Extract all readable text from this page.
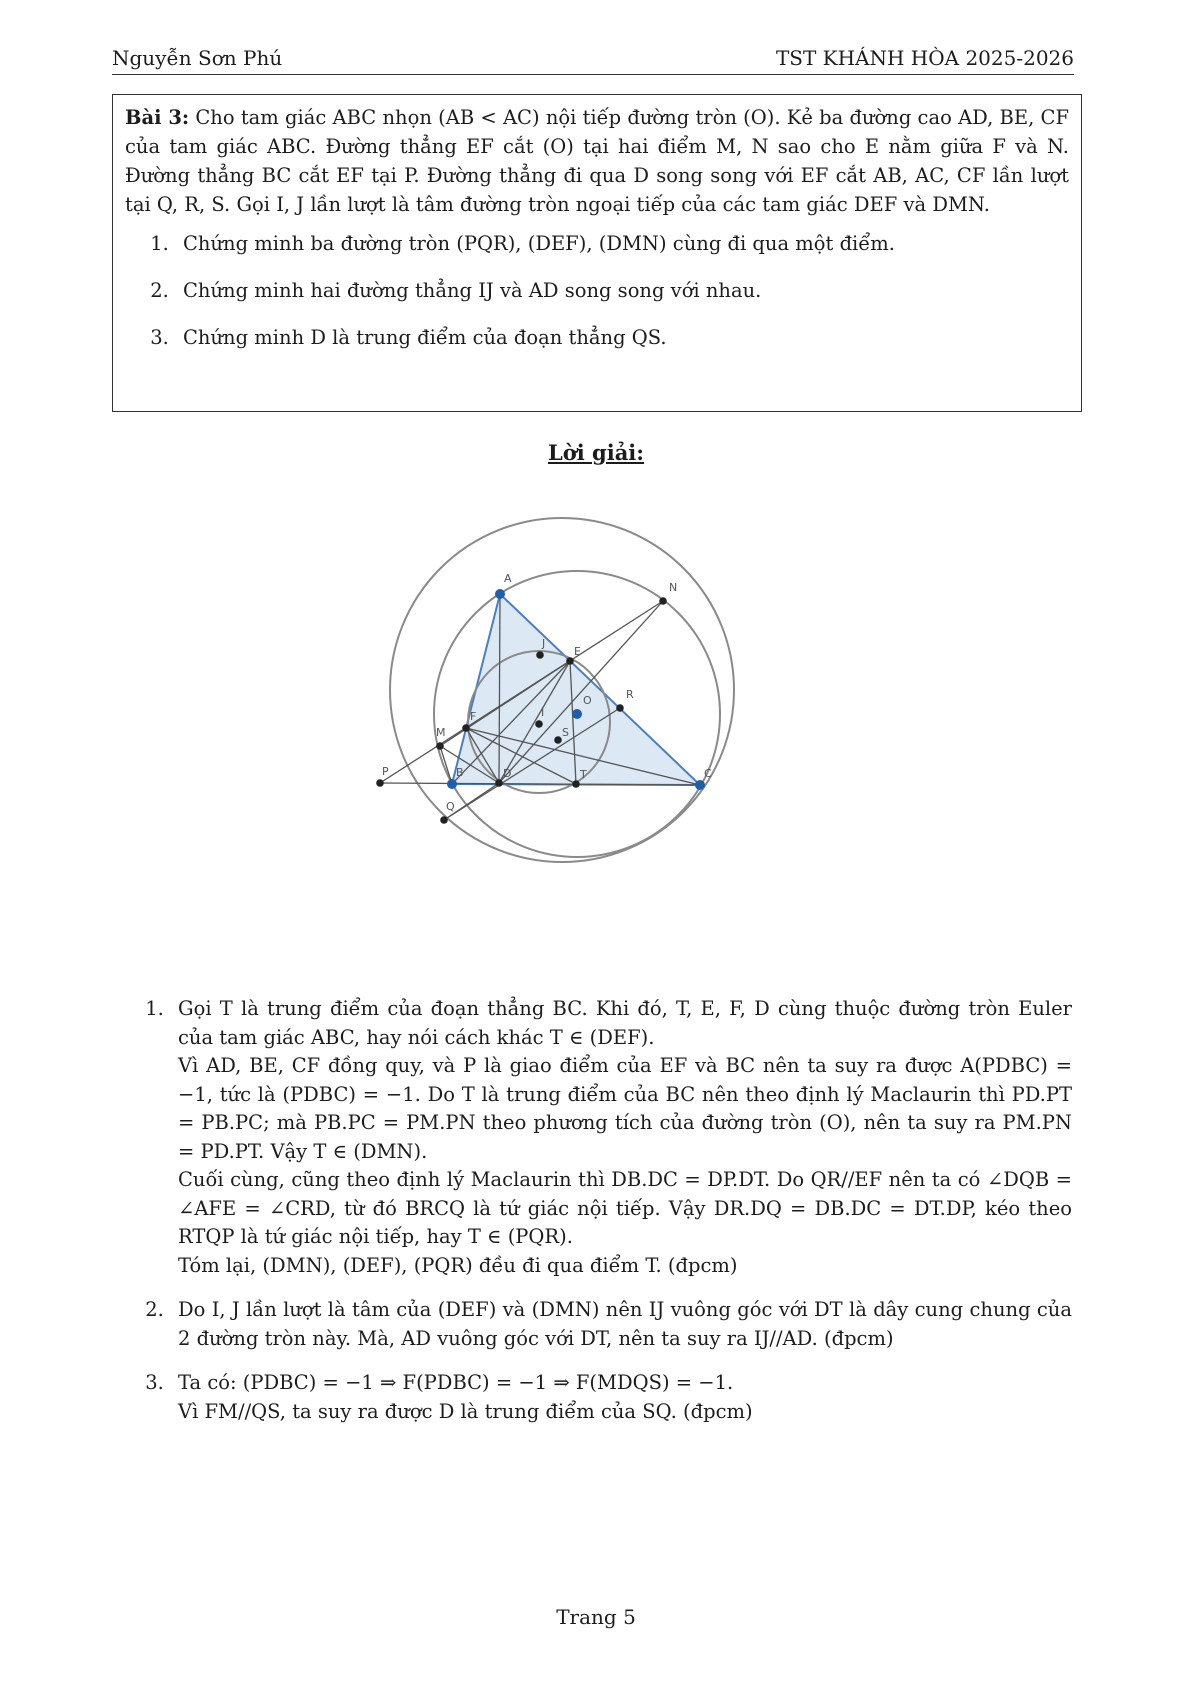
Nguyễn Sơn Phú	TST KHÁNH HÒA 2025-2026

Bài 3: Cho tam giác ABC nhọn (AB < AC) nội tiếp đường tròn (O). Kẻ ba đường cao AD, BE, CF của tam giác ABC. Đường thẳng EF cắt (O) tại hai điểm M, N sao cho E nằm giữa F và N. Đường thẳng BC cắt EF tại P. Đường thẳng đi qua D song song với EF cắt AB, AC, CF lần lượt tại Q, R, S. Gọi I, J lần lượt là tâm đường tròn ngoại tiếp của các tam giác DEF và DMN.

1. Chứng minh ba đường tròn (PQR), (DEF), (DMN) cùng đi qua một điểm.
2. Chứng minh hai đường thẳng IJ và AD song song với nhau.
3. Chứng minh D là trung điểm của đoạn thẳng QS.
Lời giải:
A
B	C
D
E
F
M
N
P
Q
R
S
T
I
J
O

1. Gọi T là trung điểm của đoạn thẳng BC. Khi đó, T, E, F, D cùng thuộc đường tròn Euler của tam giác ABC, hay nói cách khác T ∈ (DEF).

Vì AD, BE, CF đồng quy, và P là giao điểm của EF và BC nên ta suy ra được A(PDBC) = −1, tức là (PDBC) = −1. Do T là trung điểm của BC nên theo định lý Maclaurin thì PD.PT = PB.PC; mà PB.PC = PM.PN theo phương tích của đường tròn (O), nên ta suy ra PM.PN = PD.PT. Vậy T ∈ (DMN).

Cuối cùng, cũng theo định lý Maclaurin thì DB.DC = DP.DT. Do QR//EF nên ta có ∠DQB = ∠AFE = ∠CRD, từ đó BRCQ là tứ giác nội tiếp. Vậy DR.DQ = DB.DC = DT.DP, kéo theo RTQP là tứ giác nội tiếp, hay T ∈ (PQR).

Tóm lại, (DMN), (DEF), (PQR) đều đi qua điểm T. (đpcm)

2. Do I, J lần lượt là tâm của (DEF) và (DMN) nên IJ vuông góc với DT là dây cung chung của 2 đường tròn này. Mà, AD vuông góc với DT, nên ta suy ra IJ//AD. (đpcm)

3. Ta có: (PDBC) = −1 ⇒ F(PDBC) = −1 ⇒ F(MDQS) = −1.

Vì FM//QS, ta suy ra được D là trung điểm của SQ. (đpcm)

Trang 5
